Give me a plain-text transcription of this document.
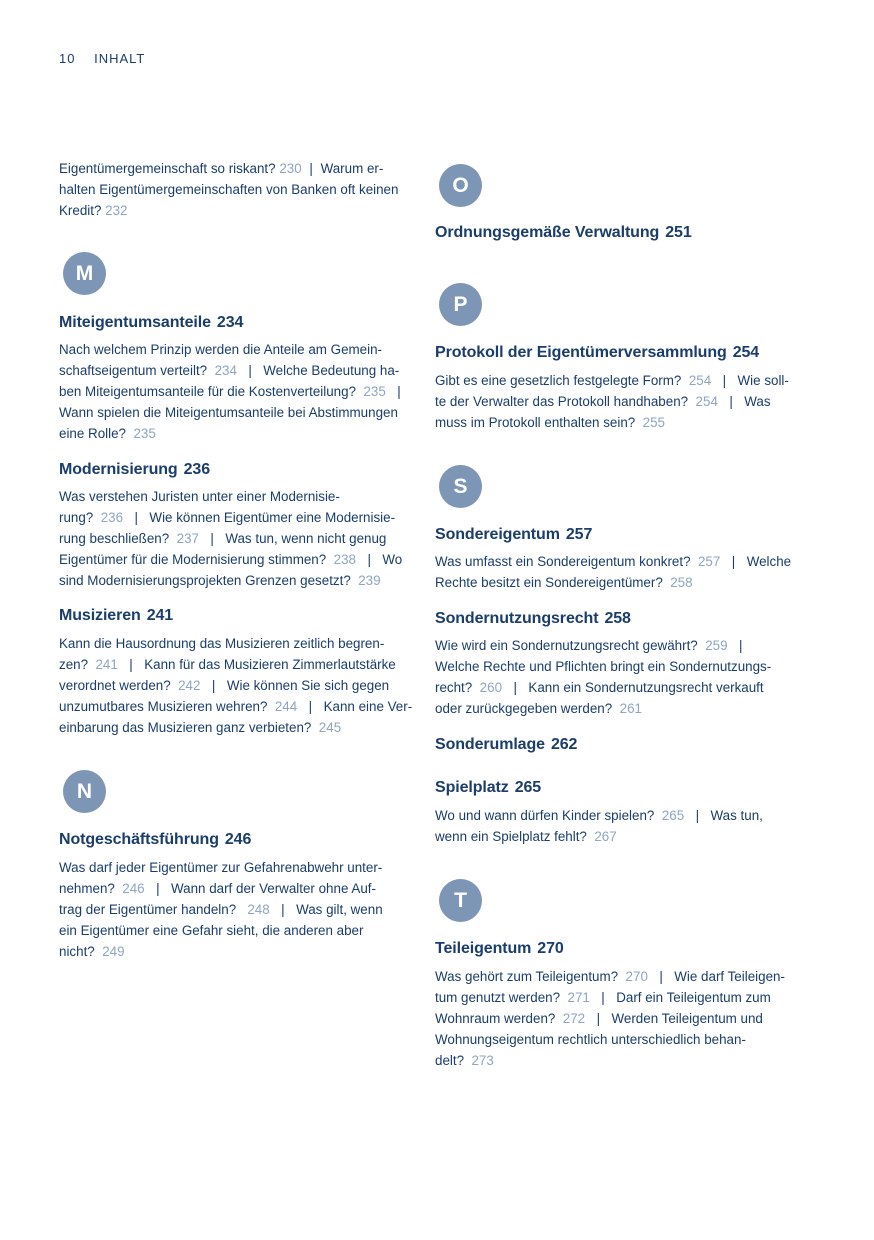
10 INHALT
Eigentümergemeinschaft so riskant? 230 | Warum er-
halten Eigentümergemeinschaften von Banken oft keinen
Kredit? 232
M
Miteigentumsanteile 234
Nach welchem Prinzip werden die Anteile am Gemein-
schaftseigentum verteilt?  234 |  Welche Bedeutung ha-
ben Miteigentumsanteile für die Kostenverteilung?  235 |
Wann spielen die Miteigentumsanteile bei Abstimmungen
eine Rolle?  235
Modernisierung 236
Was verstehen Juristen unter einer Modernisie-
rung?  236 |  Wie können Eigentümer eine Modernisie-
rung beschließen?  237 |  Was tun, wenn nicht genug
Eigentümer für die Modernisierung stimmen?  238 |  Wo
sind Modernisierungsprojekten Grenzen gesetzt?  239
Musizieren 241
Kann die Hausordnung das Musizieren zeitlich begren-
zen?  241 |  Kann für das Musizieren Zimmerlautstärke
verordnet werden?  242 |  Wie können Sie sich gegen
unzumutbares Musizieren wehren?  244 |  Kann eine Ver-
einbarung das Musizieren ganz verbieten?  245
N
Notgeschäftsführung 246
Was darf jeder Eigentümer zur Gefahrenabwehr unter-
nehmen?  246 |  Wann darf der Verwalter ohne Auf-
trag der Eigentümer handeln?   248 |  Was gilt, wenn
ein Eigentümer eine Gefahr sieht, die anderen aber
nicht?  249
O
Ordnungsgemäße Verwaltung 251
P
Protokoll der Eigentümerversammlung 254
Gibt es eine gesetzlich festgelegte Form?  254 |  Wie soll-
te der Verwalter das Protokoll handhaben?  254 |  Was
muss im Protokoll enthalten sein?  255
S
Sondereigentum 257
Was umfasst ein Sondereigentum konkret?  257 |  Welche
Rechte besitzt ein Sondereigentümer?  258
Sondernutzungsrecht 258
Wie wird ein Sondernutzungsrecht gewährt?  259 |
Welche Rechte und Pflichten bringt ein Sondernutzungs-
recht?  260 |  Kann ein Sondernutzungsrecht verkauft
oder zurückgegeben werden?  261
Sonderumlage 262
Spielplatz 265
Wo und wann dürfen Kinder spielen?  265 |  Was tun,
wenn ein Spielplatz fehlt?  267
T
Teileigentum 270
Was gehört zum Teileigentum?  270 |  Wie darf Teileigen-
tum genutzt werden?  271 |  Darf ein Teileigentum zum
Wohnraum werden?  272 |  Werden Teileigentum und
Wohnungseigentum rechtlich unterschiedlich behan-
delt?  273
